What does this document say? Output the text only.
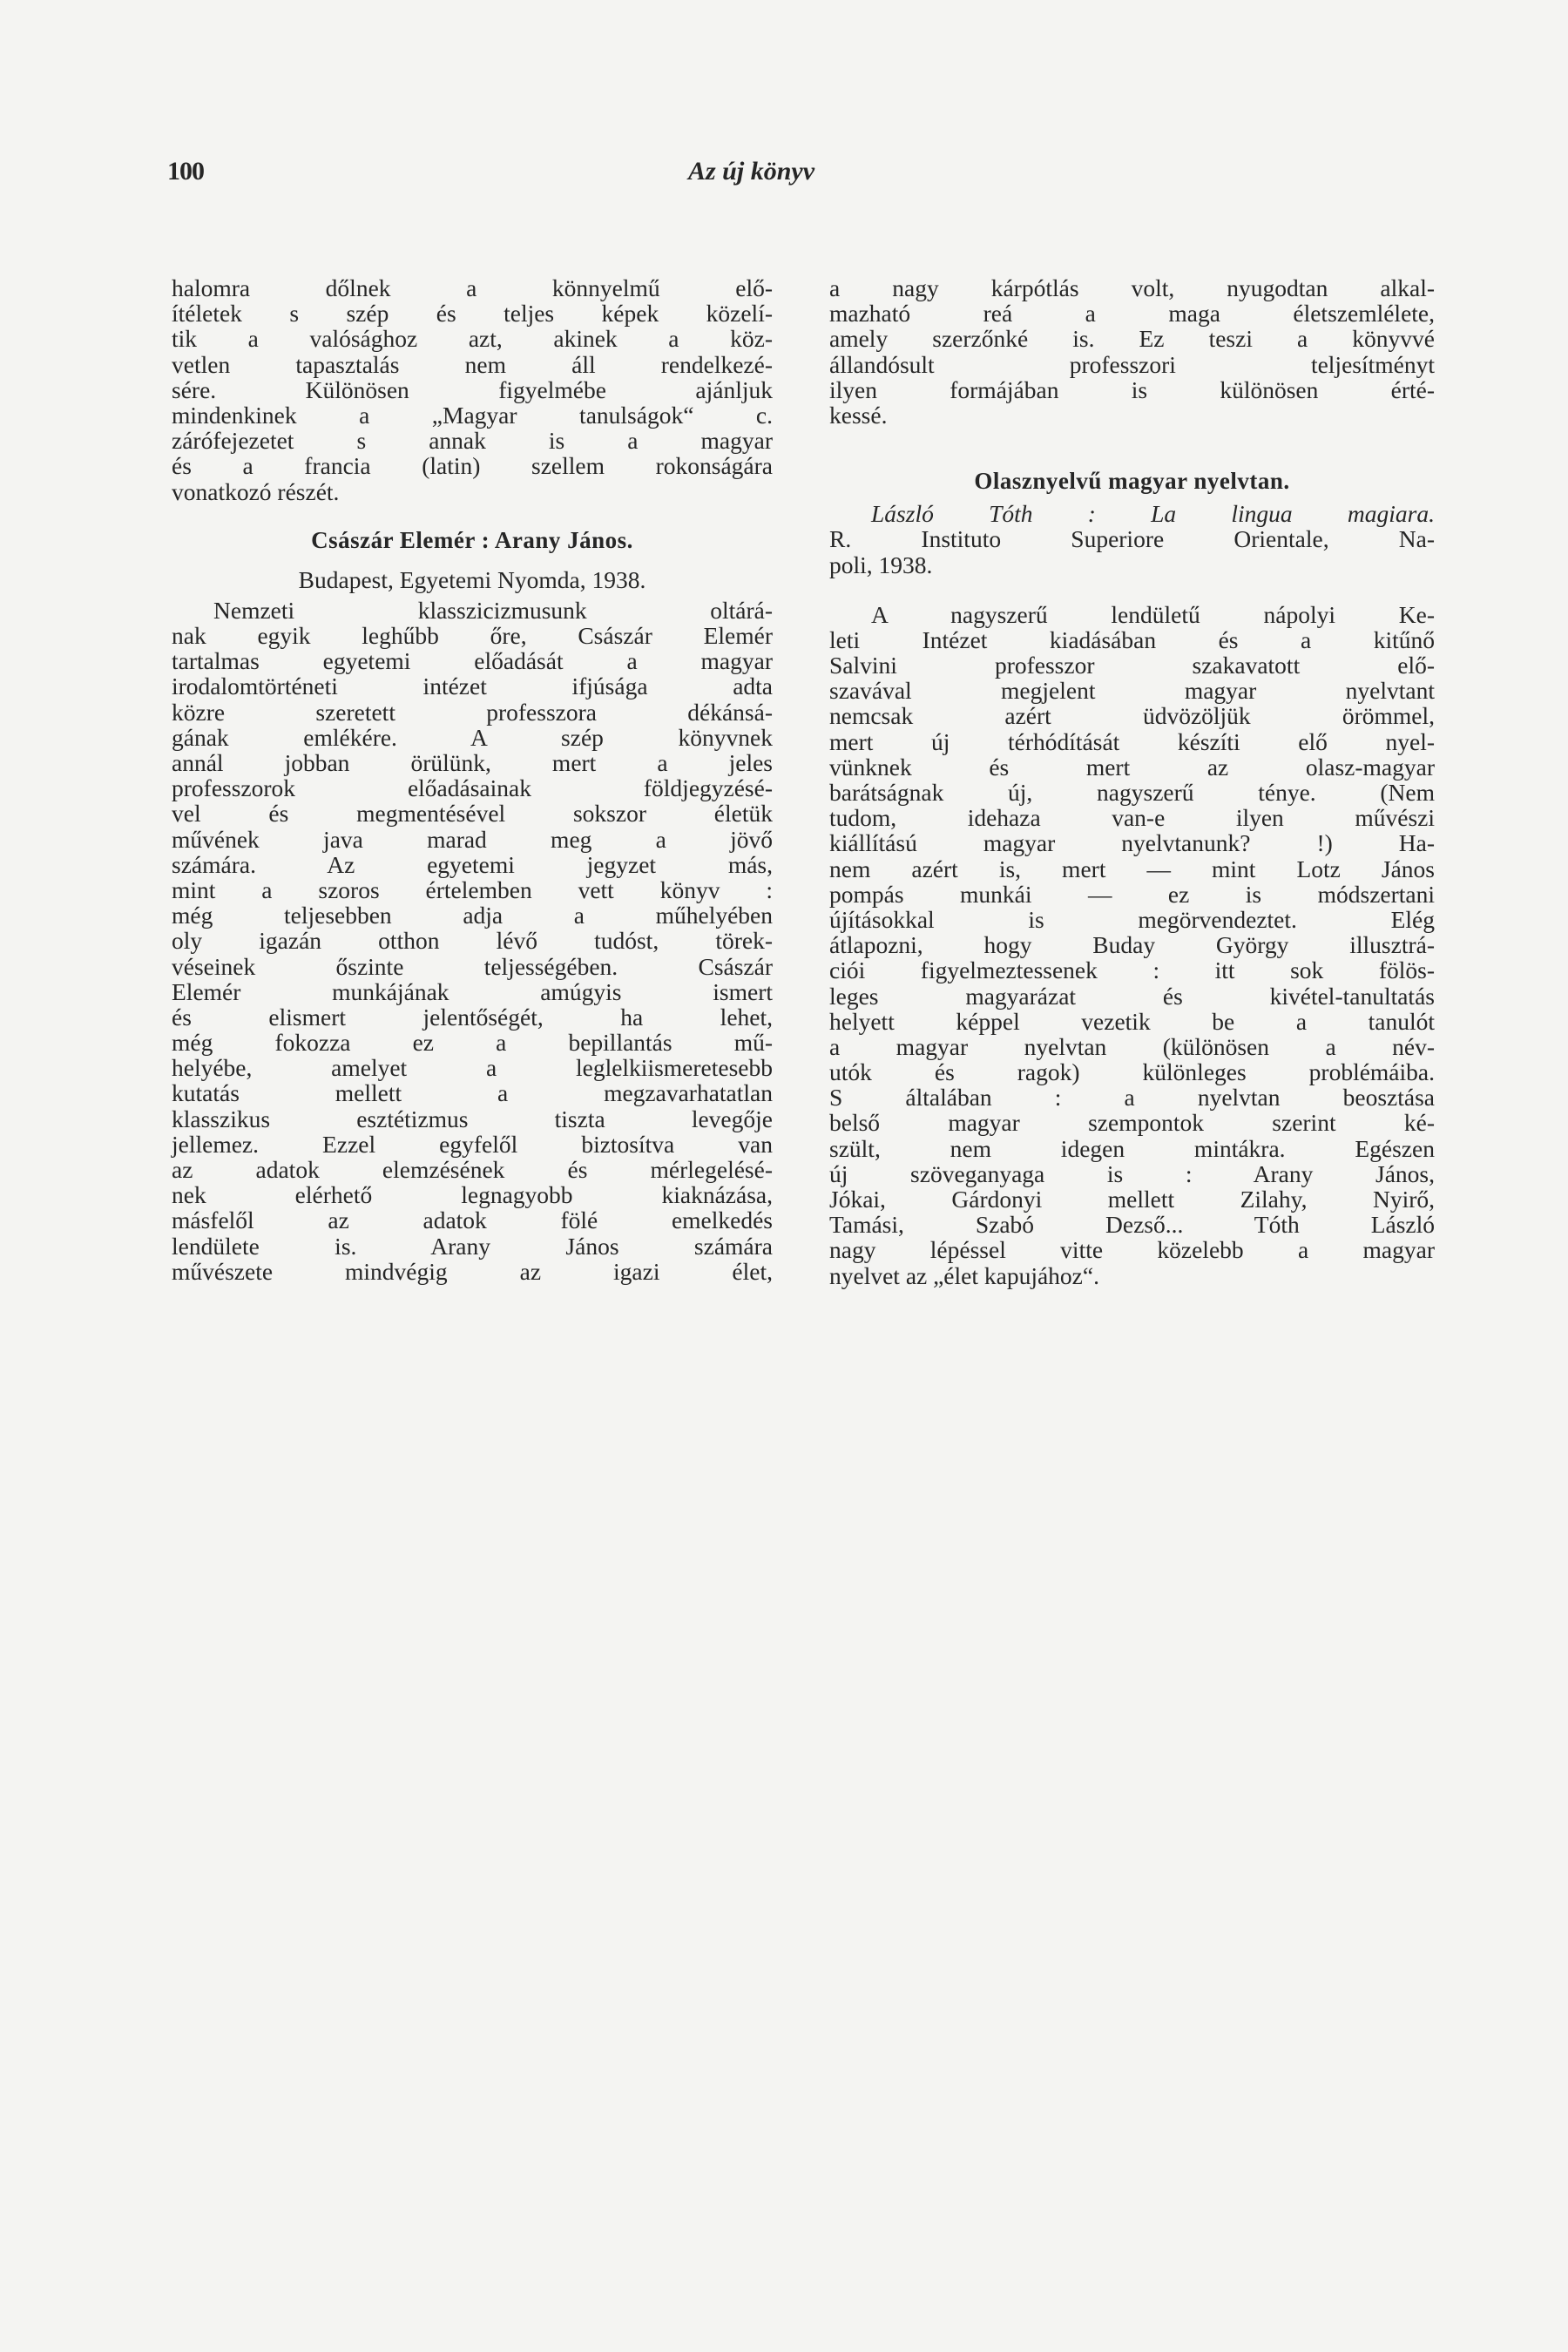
100	Az új könyv
halomra dőlnek a könnyelmű elő-
ítéletek s szép és teljes képek közelí-
tik a valósághoz azt, akinek a köz-
vetlen tapasztalás nem áll rendelkezé-
sére. Különösen figyelmébe ajánljuk
mindenkinek a „Magyar tanulságok“ c.
zárófejezetet s annak is a magyar
és a francia (latin) szellem rokonságára
vonatkozó részét.
Császár Elemér : Arany János.
Budapest, Egyetemi Nyomda, 1938.
Nemzeti klasszicizmusunk oltárá-
nak egyik leghűbb őre, Császár Elemér
tartalmas egyetemi előadását a magyar
irodalomtörténeti intézet ifjúsága adta
közre szeretett professzora dékánsá-
gának emlékére. A szép könyvnek
annál jobban örülünk, mert a jeles
professzorok előadásainak földjegyzésé-
vel és megmentésével sokszor életük
művének java marad meg a jövő
számára. Az egyetemi jegyzet más,
mint a szoros értelemben vett könyv :
még teljesebben adja a műhelyében
oly igazán otthon lévő tudóst, törek-
véseinek őszinte teljességében. Császár
Elemér munkájának amúgyis ismert
és elismert jelentőségét, ha lehet,
még fokozza ez a bepillantás mű-
helyébe, amelyet a leglelkiismeretesebb
kutatás mellett a megzavarhatatlan
klasszikus esztétizmus tiszta levegője
jellemez. Ezzel egyfelől biztosítva van
az adatok elemzésének és mérlegelésé-
nek elérhető legnagyobb kiaknázása,
másfelől az adatok fölé emelkedés
lendülete is. Arany János számára
művészete mindvégig az igazi élet,
a nagy kárpótlás volt, nyugodtan alkal-
mazható reá a maga életszemlélete,
amely szerzőnké is. Ez teszi a könyvvé
állandósult professzori teljesítményt
ilyen formájában is különösen érté-
kessé.
Olasznyelvű magyar nyelvtan.
László Tóth : La lingua magiara.
R. Instituto Superiore Orientale, Na-
poli, 1938.
A nagyszerű lendületű nápolyi Ke-
leti Intézet kiadásában és a kitűnő
Salvini professzor szakavatott elő-
szavával megjelent magyar nyelvtant
nemcsak azért üdvözöljük örömmel,
mert új térhódítását készíti elő nyel-
vünknek és mert az olasz-magyar
barátságnak új, nagyszerű ténye. (Nem
tudom, idehaza van-e ilyen művészi
kiállítású magyar nyelvtanunk? !) Ha-
nem azért is, mert — mint Lotz János
pompás munkái — ez is módszertani
újításokkal is megörvendeztet. Elég
átlapozni, hogy Buday György illusztrá-
ciói figyelmeztessenek : itt sok fölös-
leges magyarázat és kivétel-tanultatás
helyett képpel vezetik be a tanulót
a magyar nyelvtan (különösen a név-
utók és ragok) különleges problémáiba.
S általában : a nyelvtan beosztása
belső magyar szempontok szerint ké-
szült, nem idegen mintákra. Egészen
új szöveganyaga is : Arany János,
Jókai, Gárdonyi mellett Zilahy, Nyirő,
Tamási, Szabó Dezső... Tóth László
nagy lépéssel vitte közelebb a magyar
nyelvet az „élet kapujához“.
